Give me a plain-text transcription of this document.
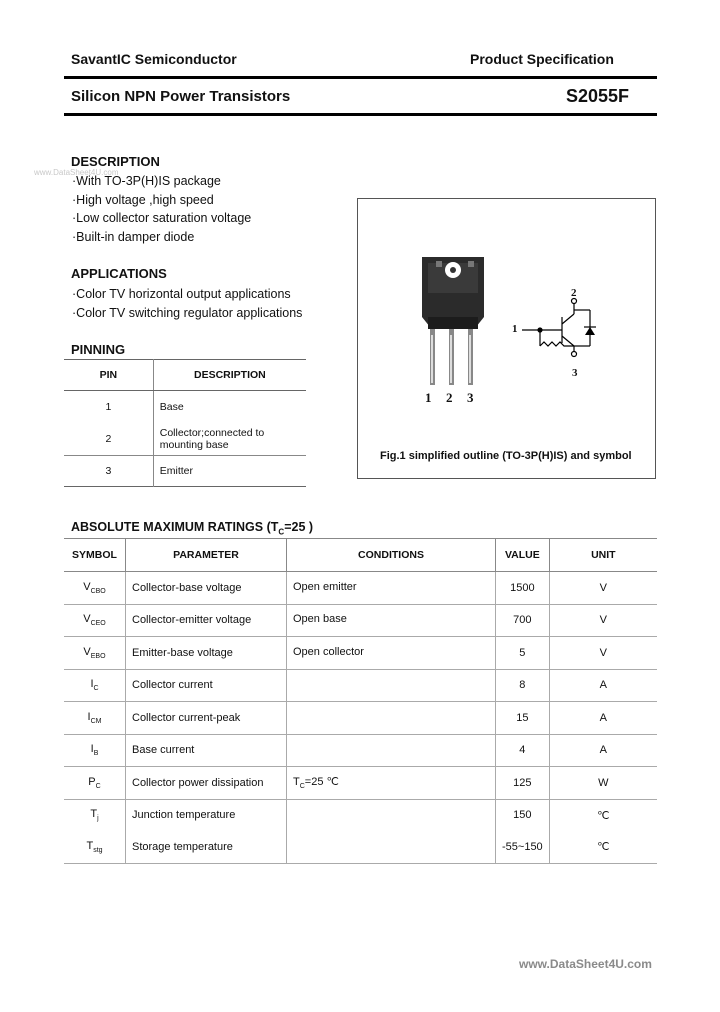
SavantIC Semiconductor	Product Specification
Silicon NPN Power Transistors	S2055F
DESCRIPTION
www.DataSheet4U.com
·With TO-3P(H)IS package
·High voltage ,high speed
·Low collector saturation voltage
·Built-in damper diode
APPLICATIONS
·Color TV horizontal output applications
·Color TV switching regulator applications
PINNING
PIN	DESCRIPTION
1	Base
2	Collector;connected to mounting base
3	Emitter
1 2 3
1
2
3
Fig.1 simplified outline (TO-3P(H)IS) and symbol
ABSOLUTE MAXIMUM RATINGS ($T_C=25$ )
SYMBOL	PARAMETER	CONDITIONS	VALUE	UNIT
$V_{CBO}$	Collector-base voltage	Open emitter	1500	V
$V_{CEO}$	Collector-emitter voltage	Open base	700	V
$V_{EBO}$	Emitter-base voltage	Open collector	5	V
$I_C$	Collector current		8	A
$I_{CM}$	Collector current-peak		15	A
$I_B$	Base current		4	A
$P_C$	Collector power dissipation	$T_C=25$ ℃	125	W
$T_j$	Junction temperature		150	℃
$T_{stg}$	Storage temperature		-55~150	℃
www.DataSheet4U.com
